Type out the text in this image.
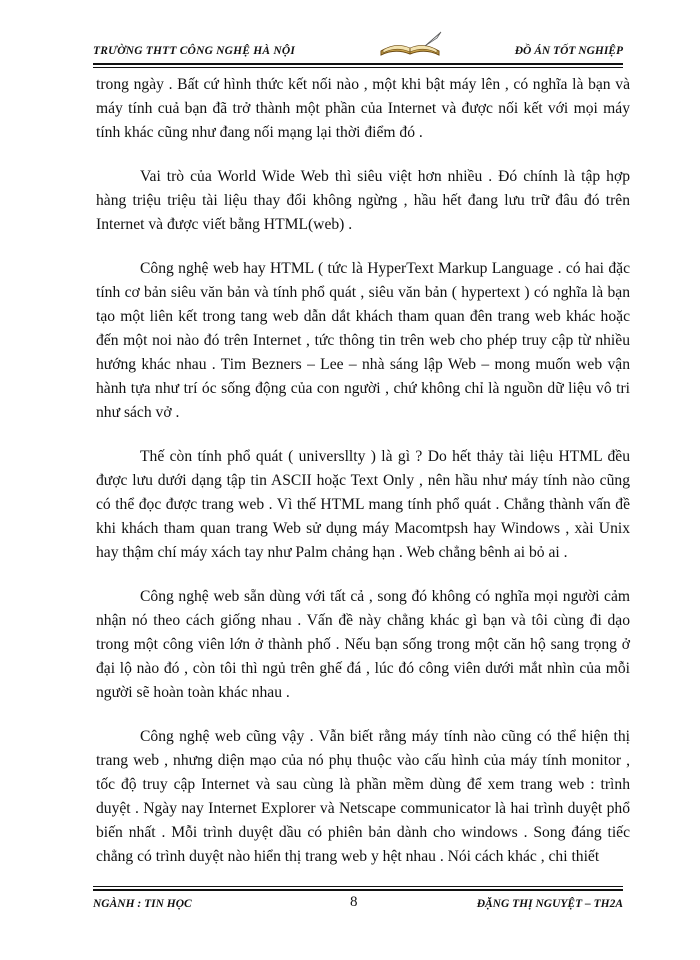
TRƯỜNG THTT CÔNG NGHỆ HÀ NỘI	ĐỒ ÁN TỐT NGHIỆP

trong ngày . Bất cứ hình thức kết nối nào , một khi bật máy lên , có nghĩa là bạn và máy tính cuả bạn đã trở thành một phần của Internet và được nối kết với mọi máy tính khác cũng như đang nối mạng lại thời điểm đó .

Vai trò của World Wide Web thì siêu việt hơn nhiều . Đó chính là tập hợp hàng triệu triệu tài liệu thay đổi không ngừng , hầu hết đang lưu trữ đâu đó trên Internet và được viết bằng HTML(web) .

Công nghệ web hay HTML ( tức là HyperText Markup Language . có hai đặc tính cơ bản siêu văn bản và tính phổ quát , siêu văn bản ( hypertext ) có nghĩa là bạn tạo một liên kết trong tang web dẫn dắt khách tham quan đên trang web khác hoặc đến một noi nào đó trên Internet , tức thông tin trên web cho phép truy cập từ nhiều hướng khác nhau . Tim Bezners – Lee – nhà sáng lập Web – mong muốn web vận hành tựa như trí óc sống động của con người , chứ không chỉ là nguồn dữ liệu vô tri như sách vở .

Thế còn tính phổ quát ( universllty ) là gì ? Do hết thảy tài liệu HTML đều được lưu dưới dạng tập tin ASCII hoặc Text Only , nên hầu như máy tính nào cũng có thể đọc được trang web . Vì thế HTML mang tính phổ quát . Chẳng thành vấn đề khi khách tham quan trang Web sử dụng máy Macomtpsh hay Windows , xài Unix hay thậm chí máy xách tay như Palm chảng hạn . Web chẳng bênh ai bỏ ai .

Công nghệ web sẵn dùng với tất cả , song đó không có nghĩa mọi người cảm nhận nó theo cách giống nhau . Vấn đề này chẳng khác gì bạn và tôi cùng đi dạo trong một công viên lớn ở thành phố . Nếu bạn sống trong một căn hộ sang trọng ở đại lộ nào đó , còn tôi thì ngủ trên ghế đá , lúc đó công viên dưới mắt nhìn của mỗi người sẽ hoàn toàn khác nhau .

Công nghệ web cũng vậy . Vẫn biết rằng máy tính nào cũng có thể hiện thị trang web , nhưng diện mạo của nó phụ thuộc vào cấu hình của máy tính monitor , tốc độ truy cập Internet và sau cùng là phần mềm dùng để xem trang web : trình duyệt . Ngày nay Internet Explorer và Netscape communicator là hai trình duyệt phổ biến nhất . Mỗi trình duyệt dầu có phiên bản dành cho windows . Song đáng tiếc chẳng có trình duyệt nào hiển thị trang web y hệt nhau . Nói cách khác , chi thiết

NGÀNH : TIN HỌC	8	ĐẶNG THỊ NGUYỆT – TH2A
